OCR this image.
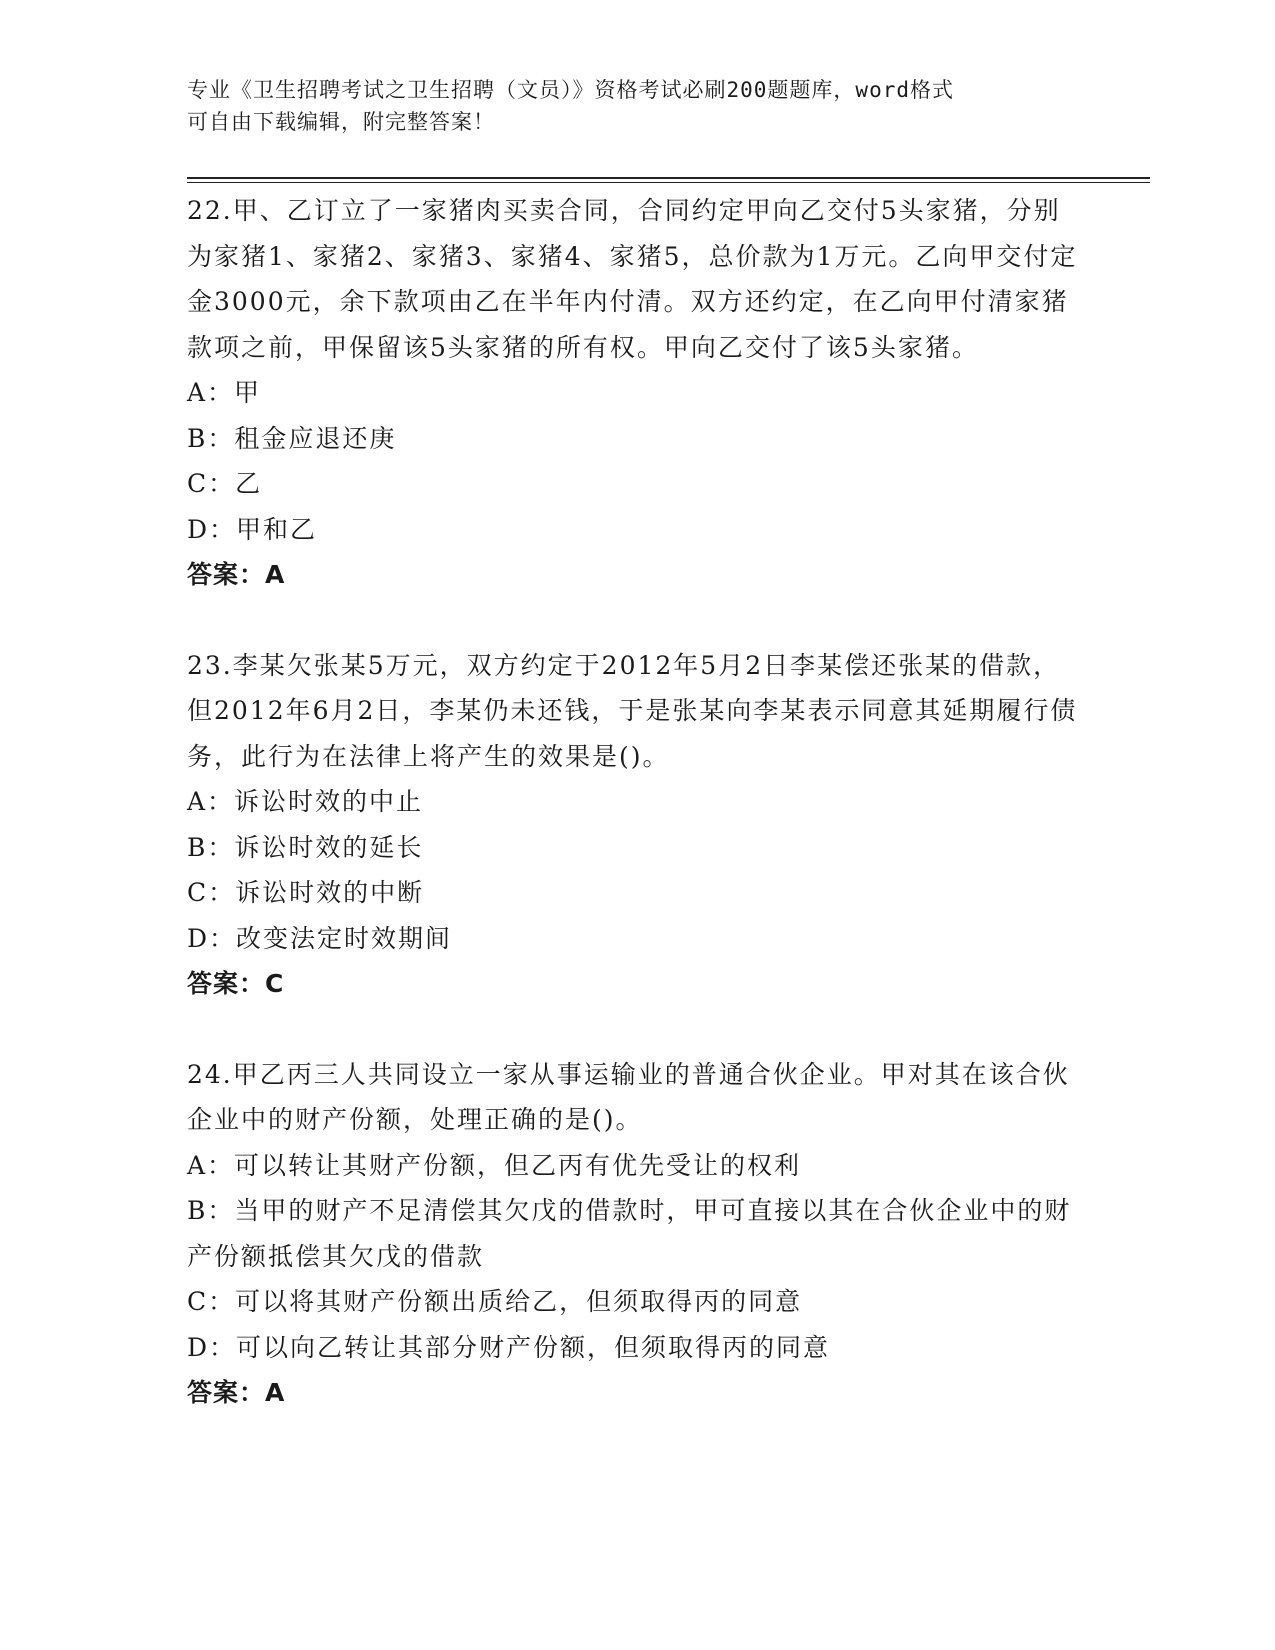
专业《卫生招聘考试之卫生招聘（文员）》资格考试必刷200题题库，word格式
可自由下载编辑，附完整答案！

22.甲、乙订立了一家猪肉买卖合同，合同约定甲向乙交付5头家猪，分别为家猪1、家猪2、家猪3、家猪4、家猪5，总价款为1万元。乙向甲交付定金3000元，余下款项由乙在半年内付清。双方还约定，在乙向甲付清家猪款项之前，甲保留该5头家猪的所有权。甲向乙交付了该5头家猪。

A：甲

B：租金应退还庚

C：乙

D：甲和乙

答案：A

23.李某欠张某5万元，双方约定于2012年5月2日李某偿还张某的借款，但2012年6月2日，李某仍未还钱，于是张某向李某表示同意其延期履行债务，此行为在法律上将产生的效果是()。

A：诉讼时效的中止

B：诉讼时效的延长

C：诉讼时效的中断

D：改变法定时效期间

答案：C

24.甲乙丙三人共同设立一家从事运输业的普通合伙企业。甲对其在该合伙企业中的财产份额，处理正确的是()。

A：可以转让其财产份额，但乙丙有优先受让的权利

B：当甲的财产不足清偿其欠戊的借款时，甲可直接以其在合伙企业中的财产份额抵偿其欠戊的借款

C：可以将其财产份额出质给乙，但须取得丙的同意

D：可以向乙转让其部分财产份额，但须取得丙的同意

答案：A
